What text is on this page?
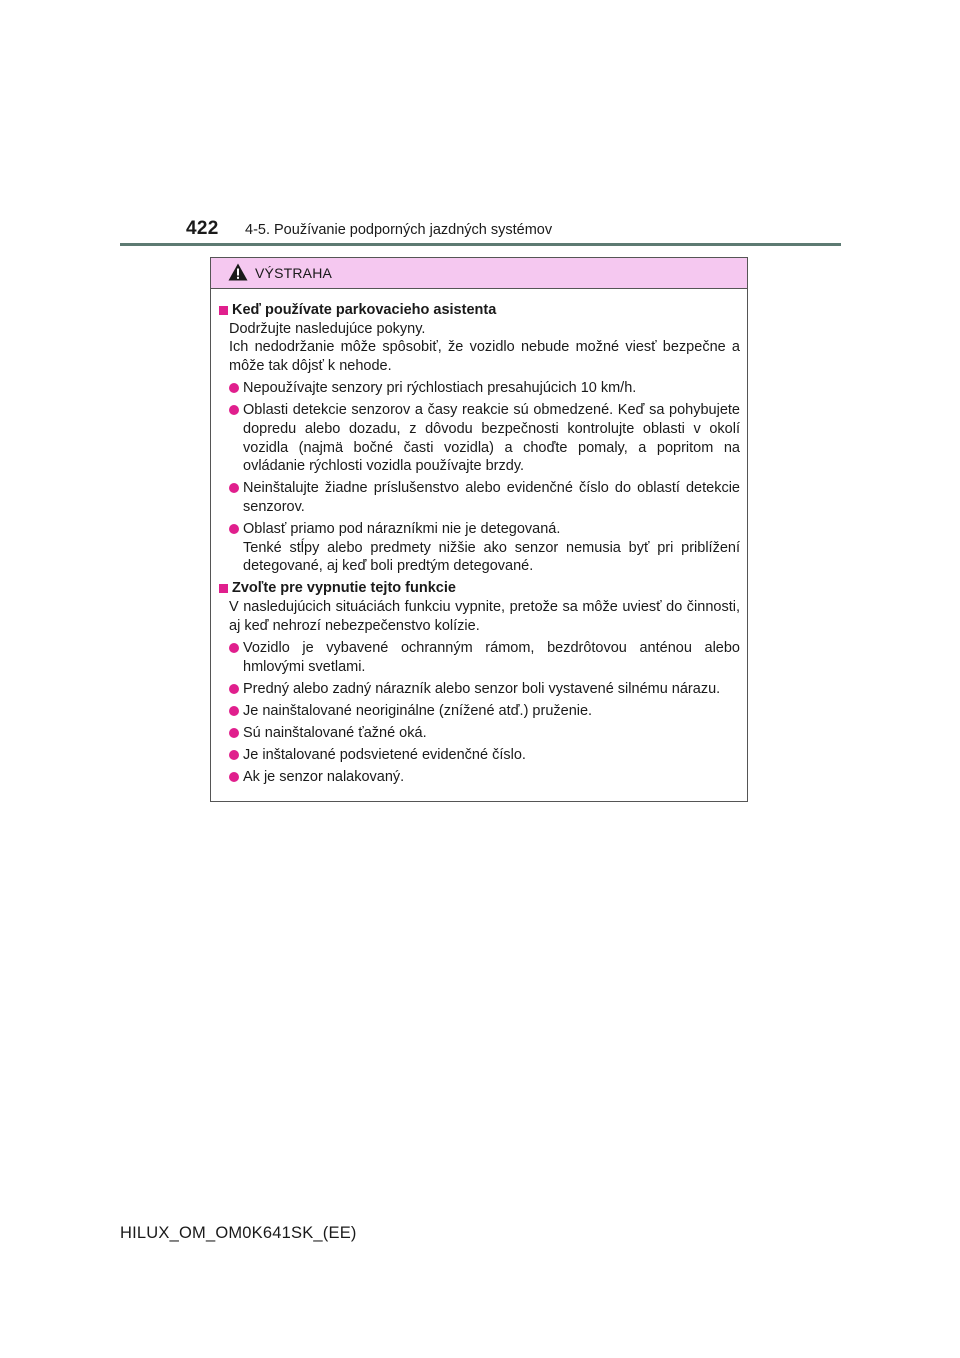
422 4-5. Používanie podporných jazdných systémov
VÝSTRAHA
Keď používate parkovacieho asistenta

Dodržujte nasledujúce pokyny.

Ich nedodržanie môže spôsobiť, že vozidlo nebude možné viesť bezpečne a môže tak dôjsť k nehode.

Nepoužívajte senzory pri rýchlostiach presahujúcich 10 km/h.

Oblasti detekcie senzorov a časy reakcie sú obmedzené. Keď sa pohybujete dopredu alebo dozadu, z dôvodu bezpečnosti kontrolujte oblasti v okolí vozidla (najmä bočné časti vozidla) a choďte pomaly, a popritom na ovládanie rýchlosti vozidla používajte brzdy.

Neinštalujte žiadne príslušenstvo alebo evidenčné číslo do oblastí detekcie senzorov.

Oblasť priamo pod nárazníkmi nie je detegovaná.

Tenké stĺpy alebo predmety nižšie ako senzor nemusia byť pri priblížení detegované, aj keď boli predtým detegované.

Zvoľte pre vypnutie tejto funkcie

V nasledujúcich situáciách funkciu vypnite, pretože sa môže uviesť do činnosti, aj keď nehrozí nebezpečenstvo kolízie.

Vozidlo je vybavené ochranným rámom, bezdrôtovou anténou alebo hmlovými svetlami.

Predný alebo zadný nárazník alebo senzor boli vystavené silnému nárazu.

Je nainštalované neoriginálne (znížené atď.) pruženie.

Sú nainštalované ťažné oká.

Je inštalované podsvietené evidenčné číslo.

Ak je senzor nalakovaný.

HILUX_OM_OM0K641SK_(EE)
